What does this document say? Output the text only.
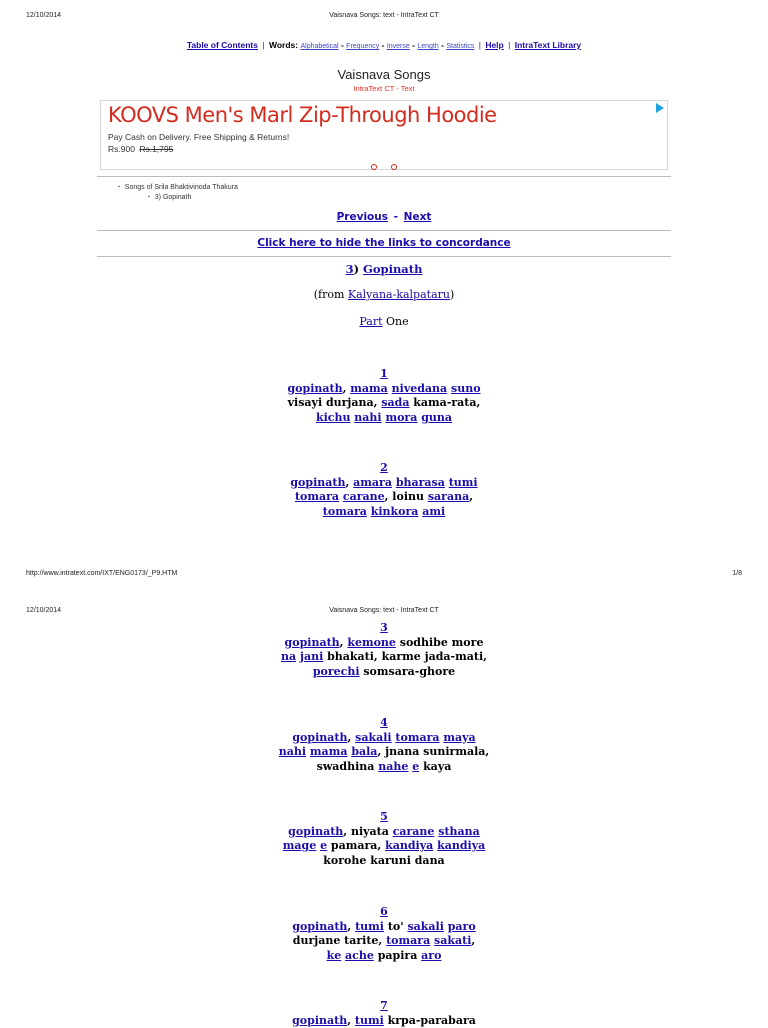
12/10/2014	Vaisnava Songs: text - IntraText CT
Table of Contents | Words: Alphabetical - Frequency - Inverse - Length - Statistics | Help | IntraText Library
Vaisnava Songs
IntraText CT - Text
KOOVS Men's Marl Zip-Through Hoodie
Pay Cash on Delivery. Free Shipping & Returns!
Rs.900 Rs.1,795

▪ Songs of Srila Bhaktivinoda Thakura
▪ 3) Gopinath
Previous - Next
Click here to hide the links to concordance
3) Gopinath
(from Kalyana-kalpataru)
Part One
1
gopinath, mama nivedana suno
visayi durjana, sada kama-rata,
kichu nahi mora guna
2
gopinath, amara bharasa tumi
tomara carane, loinu sarana,
tomara kinkora ami
http://www.intratext.com/IXT/ENG0173/_P9.HTM	1/8
12/10/2014	Vaisnava Songs: text - IntraText CT
3
gopinath, kemone sodhibe more
na jani bhakati, karme jada-mati,
porechi somsara-ghore
4
gopinath, sakali tomara maya
nahi mama bala, jnana sunirmala,
swadhina nahe e kaya
5
gopinath, niyata carane sthana
mage e pamara, kandiya kandiya
korohe karuni dana
6
gopinath, tumi to' sakali paro
durjane tarite, tomara sakati,
ke ache papira aro
7
gopinath, tumi krpa-parabara
